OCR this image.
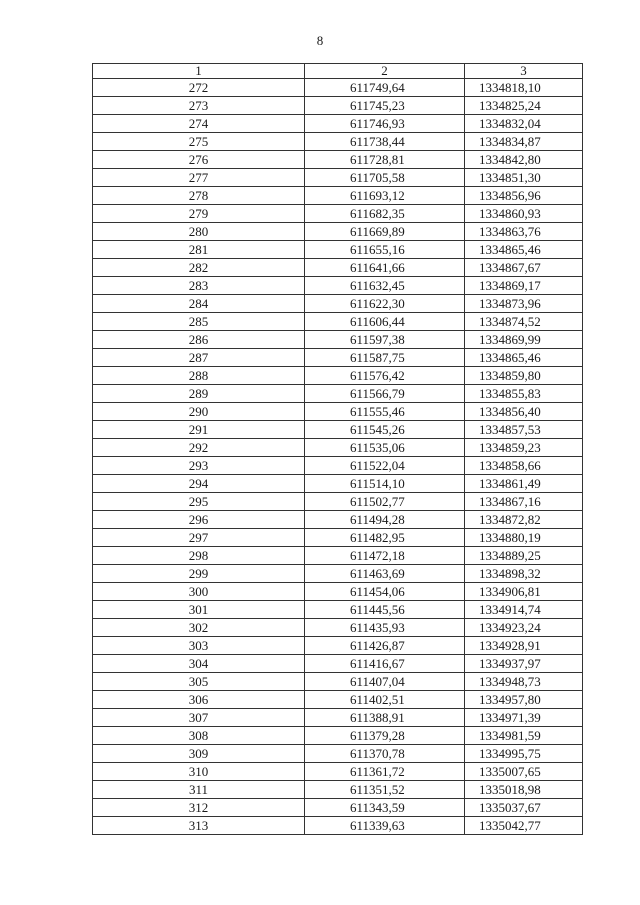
8
1	2	3
272	611749,64	1334818,10
273	611745,23	1334825,24
274	611746,93	1334832,04
275	611738,44	1334834,87
276	611728,81	1334842,80
277	611705,58	1334851,30
278	611693,12	1334856,96
279	611682,35	1334860,93
280	611669,89	1334863,76
281	611655,16	1334865,46
282	611641,66	1334867,67
283	611632,45	1334869,17
284	611622,30	1334873,96
285	611606,44	1334874,52
286	611597,38	1334869,99
287	611587,75	1334865,46
288	611576,42	1334859,80
289	611566,79	1334855,83
290	611555,46	1334856,40
291	611545,26	1334857,53
292	611535,06	1334859,23
293	611522,04	1334858,66
294	611514,10	1334861,49
295	611502,77	1334867,16
296	611494,28	1334872,82
297	611482,95	1334880,19
298	611472,18	1334889,25
299	611463,69	1334898,32
300	611454,06	1334906,81
301	611445,56	1334914,74
302	611435,93	1334923,24
303	611426,87	1334928,91
304	611416,67	1334937,97
305	611407,04	1334948,73
306	611402,51	1334957,80
307	611388,91	1334971,39
308	611379,28	1334981,59
309	611370,78	1334995,75
310	611361,72	1335007,65
311	611351,52	1335018,98
312	611343,59	1335037,67
313	611339,63	1335042,77
